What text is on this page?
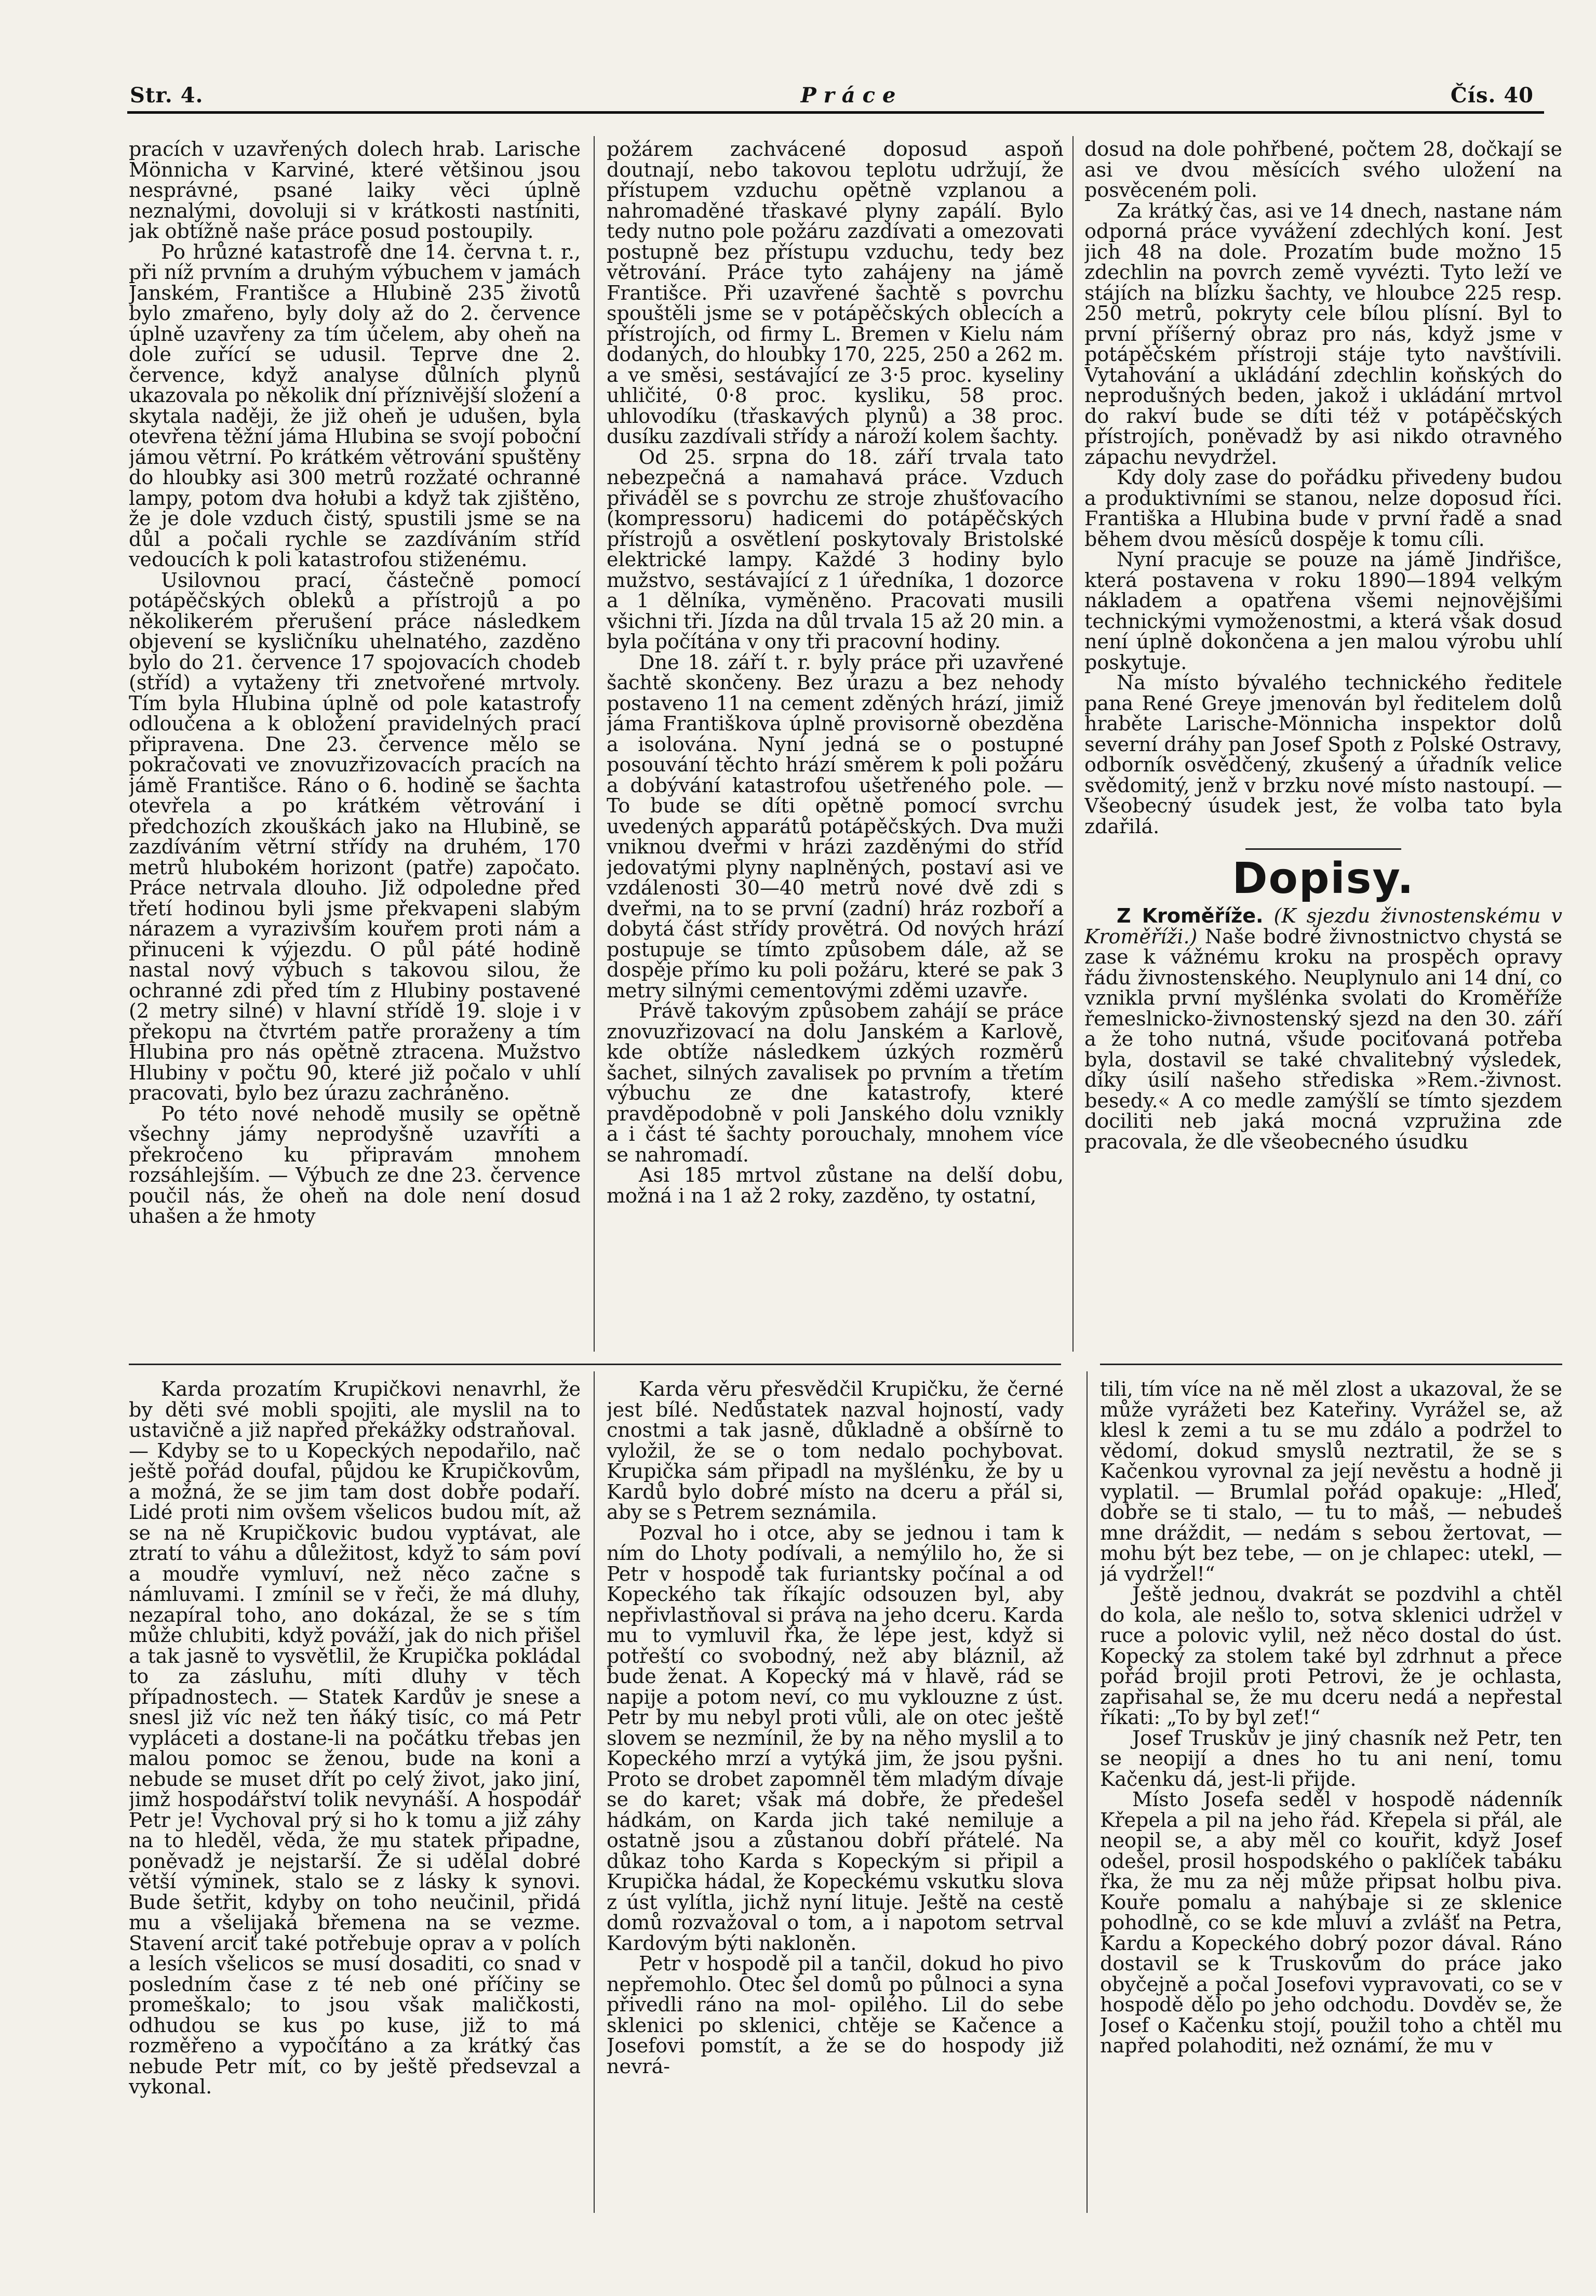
Str. 4.	Práce	Čís. 40

pracích v uzavřených dolech hrab. Larische Mönnicha v Karviné, které většinou jsou nesprávné, psané laiky věci úplně neznalými, dovoluji si v krátkosti nastíniti, jak obtížně naše práce posud postoupily.

Po hrůzné katastrofě dne 14. června t. r., při níž prvním a druhým výbuchem v jamách Janském, Františce a Hlubině 235 životů bylo zmařeno, byly doly až do 2. července úplně uzavřeny za tím účelem, aby oheň na dole zuřící se udusil. Teprve dne 2. července, když analyse důlních plynů ukazovala po několik dní příznivější složení a skytala naději, že již oheň je udušen, byla otevřena těžní jáma Hlubina se svojí poboční jámou větrní. Po krátkém větrování spuštěny do hloubky asi 300 metrů rozžaté ochranné lampy, potom dva hołubi a když tak zjištěno, že je dole vzduch čistý, spustili jsme se na důl a počali rychle se zazdíváním stříd vedoucích k poli katastrofou stiženému.

Usilovnou prací, částečně pomocí potápěčských obleků a přístrojů a po několikerém přerušení práce následkem objevení se kysličníku uhelnatého, zazděno bylo do 21. července 17 spojovacích chodeb (stříd) a vytaženy tři znetvořené mrtvoly. Tím byla Hlubina úplně od pole katastrofy odloučena a k obložení pravidelných prací připravena. Dne 23. července mělo se pokračovati ve znovuzřizovacích pracích na jámě Františce. Ráno o 6. hodině se šachta otevřela a po krátkém větrování i předchozích zkouškách jako na Hlubině, se zazdíváním větrní střídy na druhém, 170 metrů hlubokém horizont (patře) započato. Práce netrvala dlouho. Již odpoledne před třetí hodinou byli jsme překvapeni slabým nárazem a vyrazivším kouřem proti nám a přinuceni k výjezdu. O půl páté hodině nastal nový výbuch s takovou silou, že ochranné zdi před tím z Hlubiny postavené (2 metry silné) v hlavní střídě 19. sloje i v překopu na čtvrtém patře proraženy a tím Hlubina pro nás opětně ztracena. Mužstvo Hlubiny v počtu 90, které již počalo v uhlí pracovati, bylo bez úrazu zachráněno.

Po této nové nehodě musily se opětně všechny jámy neprodyšně uzavříti a překročeno ku připravám mnohem rozsáhlejším. — Výbuch ze dne 23. července poučil nás, že oheň na dole není dosud uhašen a že hmoty

požárem zachvácené doposud aspoň doutnají, nebo takovou teplotu udržují, že přístupem vzduchu opětně vzplanou a nahromaděné třaskavé plyny zapálí. Bylo tedy nutno pole požáru zazdívati a omezovati postupně bez přístupu vzduchu, tedy bez větrování. Práce tyto zahájeny na jámě Františce. Při uzavřené šachtě s povrchu spouštěli jsme se v potápěčských oblecích a přístrojích, od firmy L. Bremen v Kielu nám dodaných, do hloubky 170, 225, 250 a 262 m. a ve směsi, sestávající ze 3·5 proc. kyseliny uhličité, 0·8 proc. kysliku, 58 proc. uhlovodíku (třaskavých plynů) a 38 proc. dusíku zazdívali střídy a nároží kolem šachty.

Od 25. srpna do 18. září trvala tato nebezpečná a namahavá práce. Vzduch přiváděl se s povrchu ze stroje zhušťovacího (kompressoru) hadicemi do potápěčských přístrojů a osvětlení poskytovaly Bristolské elektrické lampy. Každé 3 hodiny bylo mužstvo, sestávající z 1 úředníka, 1 dozorce a 1 dělníka, vyměněno. Pracovati musili všichni tři. Jízda na důl trvala 15 až 20 min. a byla počítána v ony tři pracovní hodiny.

Dne 18. září t. r. byly práce při uzavřené šachtě skončeny. Bez úrazu a bez nehody postaveno 11 na cement zděných hrází, jimiž jáma Františkova úplně provisorně obezděna a isolována. Nyní jedná se o postupné posouvání těchto hrází směrem k poli požáru a dobývání katastrofou ušetřeného pole. — To bude se díti opětně pomocí svrchu uvedených apparátů potápěčských. Dva muži vniknou dveřmi v hrázi zazděnými do stříd jedovatými plyny naplněných, postaví asi ve vzdálenosti 30—40 metrů nové dvě zdi s dveřmi, na to se první (zadní) hráz rozboří a dobytá část střídy provětrá. Od nových hrází postupuje se tímto způsobem dále, až se dospěje přímo ku poli požáru, které se pak 3 metry silnými cementovými zděmi uzavře.

Právě takovým způsobem zahájí se práce znovuzřizovací na dolu Janském a Karlově, kde obtíže následkem úzkých rozměrů šachet, silných zavalisek po prvním a třetím výbuchu ze dne katastrofy, které pravděpodobně v poli Janského dolu vznikly a i část té šachty porouchaly, mnohem více se nahromadí.

Asi 185 mrtvol zůstane na delší dobu, možná i na 1 až 2 roky, zazděno, ty ostatní,

dosud na dole pohřbené, počtem 28, dočkají se asi ve dvou měsících svého uložení na posvěceném poli.

Za krátký čas, asi ve 14 dnech, nastane nám odporná práce vyvážení zdechlých koní. Jest jich 48 na dole. Prozatím bude možno 15 zdechlin na povrch země vyvézti. Tyto leží ve stájích na blízku šachty, ve hloubce 225 resp. 250 metrů, pokryty cele bílou plísní. Byl to první příšerný obraz pro nás, když jsme v potápěčském přístroji stáje tyto navštívili. Vytahování a ukládání zdechlin koňských do neprodušných beden, jakož i ukládání mrtvol do rakví bude se díti též v potápěčských přístrojích, poněvadž by asi nikdo otravného zápachu nevydržel.

Kdy doly zase do pořádku přivedeny budou a produktivními se stanou, nelze doposud říci. Františka a Hlubina bude v první řadě a snad během dvou měsíců dospěje k tomu cíli.

Nyní pracuje se pouze na jámě Jindřišce, která postavena v roku 1890—1894 velkým nákladem a opatřena všemi nejnovějšími technickými vymoženostmi, a která však dosud není úplně dokončena a jen malou výrobu uhlí poskytuje.

Na místo bývalého technického ředitele pana René Greye jmenován byl ředitelem dolů hraběte Larische-Mönnicha inspektor dolů severní dráhy pan Josef Spoth z Polské Ostravy, odborník osvědčený, zkušený a úřadník velice svědomitý, jenž v brzku nové místo nastoupí. — Všeobecný úsudek jest, že volba tato byla zdařilá.

Dopisy.

Z Kroměříže. (K sjezdu živnostenskému v Kroměříži.) Naše bodré živnostnictvo chystá se zase k vážnému kroku na prospěch opravy řádu živnostenského. Neuplynulo ani 14 dní, co vznikla první myšlénka svolati do Kroměříže řemeslnicko-živnostenský sjezd na den 30. září a že toho nutná, všude pociťovaná potřeba byla, dostavil se také chvalitebný výsledek, díky úsilí našeho střediska »Rem.-živnost. besedy.« A co medle zamýšlí se tímto sjezdem dociliti neb jaká mocná vzpružina zde pracovala, že dle všeobecného úsudku

Karda prozatím Krupičkovi nenavrhl, že by děti své mobli spojiti, ale myslil na to ustavičně a již napřed překážky odstraňoval.

— Kdyby se to u Kopeckých nepodařilo, nač ještě pořád doufal, půjdou ke Krupičkovům, a možná, že se jim tam dost dobře podaří. Lidé proti nim ovšem všelicos budou mít, až se na ně Krupičkovic budou vyptávat, ale ztratí to váhu a důležitost, když to sám poví a moudře vymluví, než něco začne s námluvami. I zmínil se v řeči, že má dluhy, nezapíral toho, ano dokázal, že se s tím může chlubiti, když pováží, jak do nich přišel a tak jasně to vysvětlil, že Krupička pokládal to za zásluhu, míti dluhy v těch případnostech. — Statek Kardův je snese a snesl již víc než ten ňáký tisíc, co má Petr vypláceti a dostane-li na počátku třebas jen malou pomoc se ženou, bude na koni a nebude se muset dřít po celý život, jako jiní, jimž hospodářství tolik nevynáší. A hospodář Petr je! Vychoval prý si ho k tomu a již záhy na to hleděl, věda, že mu statek připadne, poněvadž je nejstarší. Že si udělal dobré větší výminek, stalo se z lásky k synovi. Bude šetřit, kdyby on toho neučinil, přidá mu a všelijaká břemena na se vezme. Stavení arciť také potřebuje oprav a v polích a lesích všelicos se musí dosaditi, co snad v posledním čase z té neb oné příčiny se promeškalo; to jsou však maličkosti, odhudou se kus po kuse, již to má rozměřeno a vypočítáno a za krátký čas nebude Petr mít, co by ještě předsevzal a vykonal.

Karda věru přesvědčil Krupičku, že černé jest bílé. Nedůstatek nazval hojností, vady cnostmi a tak jasně, důkladně a obšírně to vyložil, že se o tom nedalo pochybovat. Krupička sám připadl na myšlénku, že by u Kardů bylo dobré místo na dceru a přál si, aby se s Petrem seznámila.

Pozval ho i otce, aby se jednou i tam k ním do Lhoty podívali, a nemýlilo ho, že si Petr v hospodě tak furiantsky počínal a od Kopeckého tak říkajíc odsouzen byl, aby nepřivlastňoval si práva na jeho dceru. Karda mu to vymluvil řka, že lépe jest, když si potřeští co svobodný, než aby bláznil, až bude ženat. A Kopecký má v hlavě, rád se napije a potom neví, co mu vyklouzne z úst. Petr by mu nebyl proti vůli, ale on otec ještě slovem se nezmínil, že by na něho myslil a to Kopeckého mrzí a vytýká jim, že jsou pyšni. Proto se drobet zapomněl těm mladým dívaje se do karet; však má dobře, že předešel hádkám, on Karda jich také nemiluje a ostatně jsou a zůstanou dobří přátelé. Na důkaz toho Karda s Kopeckým si připil a Krupička hádal, že Kopeckému vskutku slova z úst vylítla, jichž nyní lituje. Ještě na cestě domů rozvažoval o tom, a i napotom setrval Kardovým býti nakloněn.

Petr v hospodě pil a tančil, dokud ho pivo nepřemohlo. Otec šel domů po půlnoci a syna přivedli ráno na mol- opilého. Lil do sebe sklenici po sklenici, chtěje se Kačence a Josefovi pomstít, a že se do hospody již nevrá-

tili, tím více na ně měl zlost a ukazoval, že se může vyrážeti bez Kateřiny. Vyrážel se, až klesl k zemi a tu se mu zdálo a podržel to vědomí, dokud smyslů neztratil, že se s Kačenkou vyrovnal za její nevěstu a hodně ji vyplatil. — Brumlal pořád opakuje: „Hleď, dobře se ti stalo, — tu to máš, — nebudeš mne dráždit, — nedám s sebou žertovat, — mohu být bez tebe, — on je chlapec: utekl, — já vydržel!“

Ještě jednou, dvakrát se pozdvihl a chtěl do kola, ale nešlo to, sotva sklenici udržel v ruce a polovic vylil, než něco dostal do úst. Kopecký za stolem také byl zdrhnut a přece pořád brojil proti Petrovi, že je ochlasta, zapřisahal se, že mu dceru nedá a nepřestal říkati: „To by byl zeť!“

Josef Truskův je jiný chasník než Petr, ten se neopijí a dnes ho tu ani není, tomu Kačenku dá, jest-li přijde.

Místo Josefa seděl v hospodě nádenník Křepela a pil na jeho řád. Křepela si přál, ale neopil se, a aby měl co kouřit, když Josef odešel, prosil hospodského o paklíček tabáku řka, že mu za něj může připsat holbu piva. Kouře pomalu a nahýbaje si ze sklenice pohodlně, co se kde mluví a zvlášť na Petra, Kardu a Kopeckého dobrý pozor dával. Ráno dostavil se k Truskovům do práce jako obyčejně a počal Josefovi vypravovati, co se v hospodě dělo po jeho odchodu. Dovděv se, že Josef o Kačenku stojí, použil toho a chtěl mu napřed polahoditi, než oznámí, že mu v
